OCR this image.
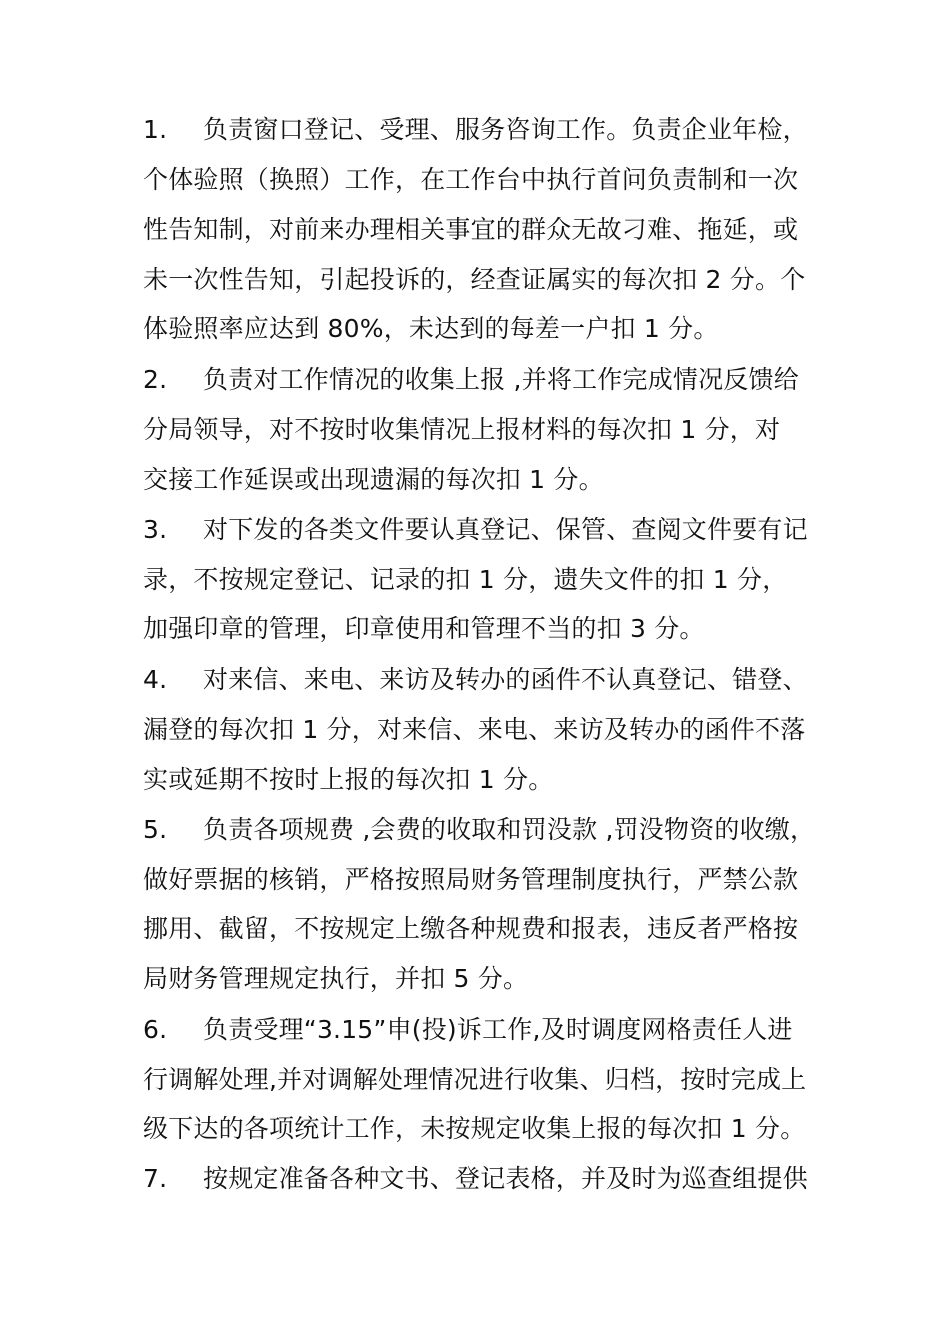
1. 负责窗口登记、受理、服务咨询工作。负责企业年检，
个体验照（换照）工作，在工作台中执行首问负责制和一次
性告知制，对前来办理相关事宜的群众无故刁难、拖延，或
未一次性告知，引起投诉的，经查证属实的每次扣 2 分。个
体验照率应达到 80%，未达到的每差一户扣 1 分。
2. 负责对工作情况的收集上报 ,并将工作完成情况反馈给
分局领导，对不按时收集情况上报材料的每次扣 1 分，对
交接工作延误或出现遗漏的每次扣 1 分。
3. 对下发的各类文件要认真登记、保管、查阅文件要有记
录，不按规定登记、记录的扣 1 分，遗失文件的扣 1 分，
加强印章的管理，印章使用和管理不当的扣 3 分。
4. 对来信、来电、来访及转办的函件不认真登记、错登、
漏登的每次扣 1 分，对来信、来电、来访及转办的函件不落
实或延期不按时上报的每次扣 1 分。
5. 负责各项规费 ,会费的收取和罚没款 ,罚没物资的收缴，
做好票据的核销，严格按照局财务管理制度执行，严禁公款
挪用、截留，不按规定上缴各种规费和报表，违反者严格按
局财务管理规定执行，并扣 5 分。
6. 负责受理“3.15”申(投)诉工作,及时调度网格责任人进
行调解处理,并对调解处理情况进行收集、归档，按时完成上
级下达的各项统计工作，未按规定收集上报的每次扣 1 分。
7. 按规定准备各种文书、登记表格，并及时为巡查组提供
